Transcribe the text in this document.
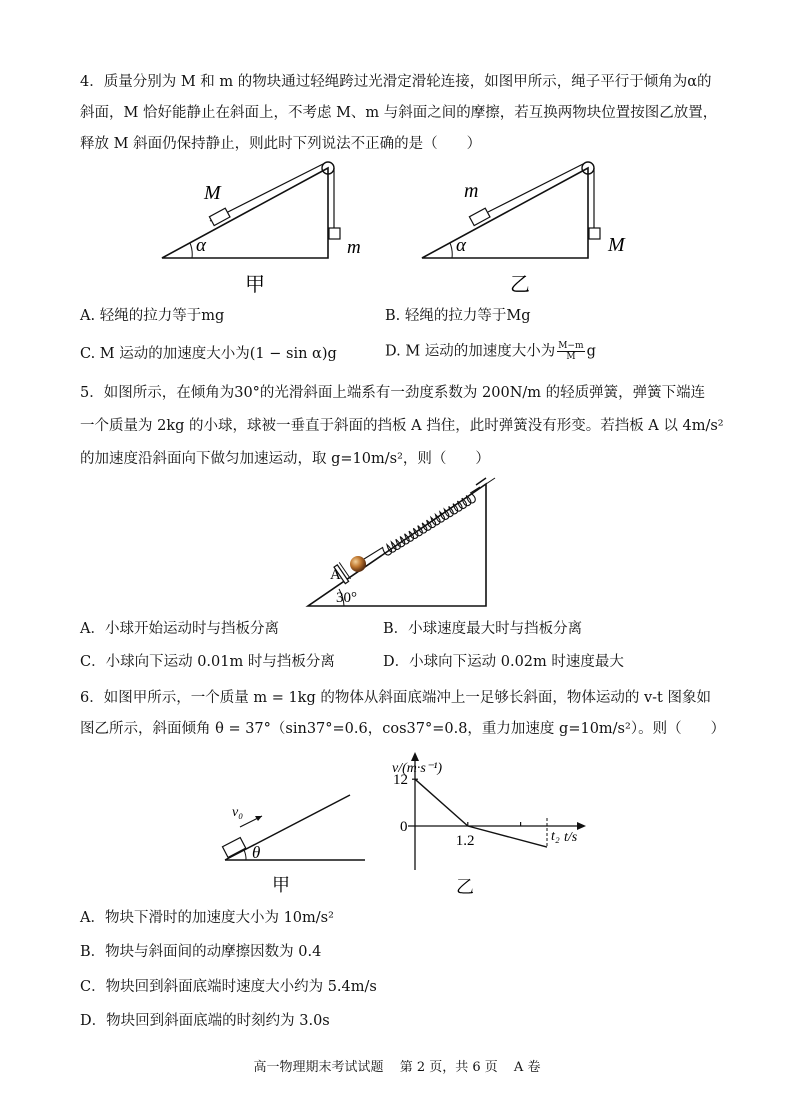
4．质量分别为 M 和 m 的物块通过轻绳跨过光滑定滑轮连接，如图甲所示，绳子平行于倾角为α的
斜面，M 恰好能静止在斜面上，不考虑 M、m 与斜面之间的摩擦，若互换两物块位置按图乙放置，
释放 M 斜面仍保持静止，则此时下列说法不正确的是（　　）
M
α	m
甲
m
α	M
乙
A. 轻绳的拉力等于mg	B. 轻绳的拉力等于Mg
C. M 运动的加速度大小为(1 − sin α)g	D. M 运动的加速度大小为 $\frac{M-m}{M}$ g
5．如图所示，在倾角为30°的光滑斜面上端系有一劲度系数为 200N/m 的轻质弹簧，弹簧下端连
一个质量为 2kg 的小球，球被一垂直于斜面的挡板 A 挡住，此时弹簧没有形变。若挡板 A 以 4m/s²
的加速度沿斜面向下做匀加速运动，取 g=10m/s²，则（　　）
A
30°
A．小球开始运动时与挡板分离	B．小球速度最大时与挡板分离
C．小球向下运动 0.01m 时与挡板分离	D．小球向下运动 0.02m 时速度最大
6．如图甲所示，一个质量 m = 1kg 的物体从斜面底端冲上一足够长斜面，物体运动的 v-t 图象如
图乙所示，斜面倾角 θ = 37°（sin37°=0.6，cos37°=0.8，重力加速度 g=10m/s²）。则（　　）
v₀
θ
甲
v/(m·s⁻¹)
t/s
12
0
1.2	t₂
乙
A．物块下滑时的加速度大小为 10m/s²
B．物块与斜面间的动摩擦因数为 0.4
C．物块回到斜面底端时速度大小约为 5.4m/s
D．物块回到斜面底端的时刻约为 3.0s
高一物理期末考试试题 第 2 页，共 6 页 A 卷
